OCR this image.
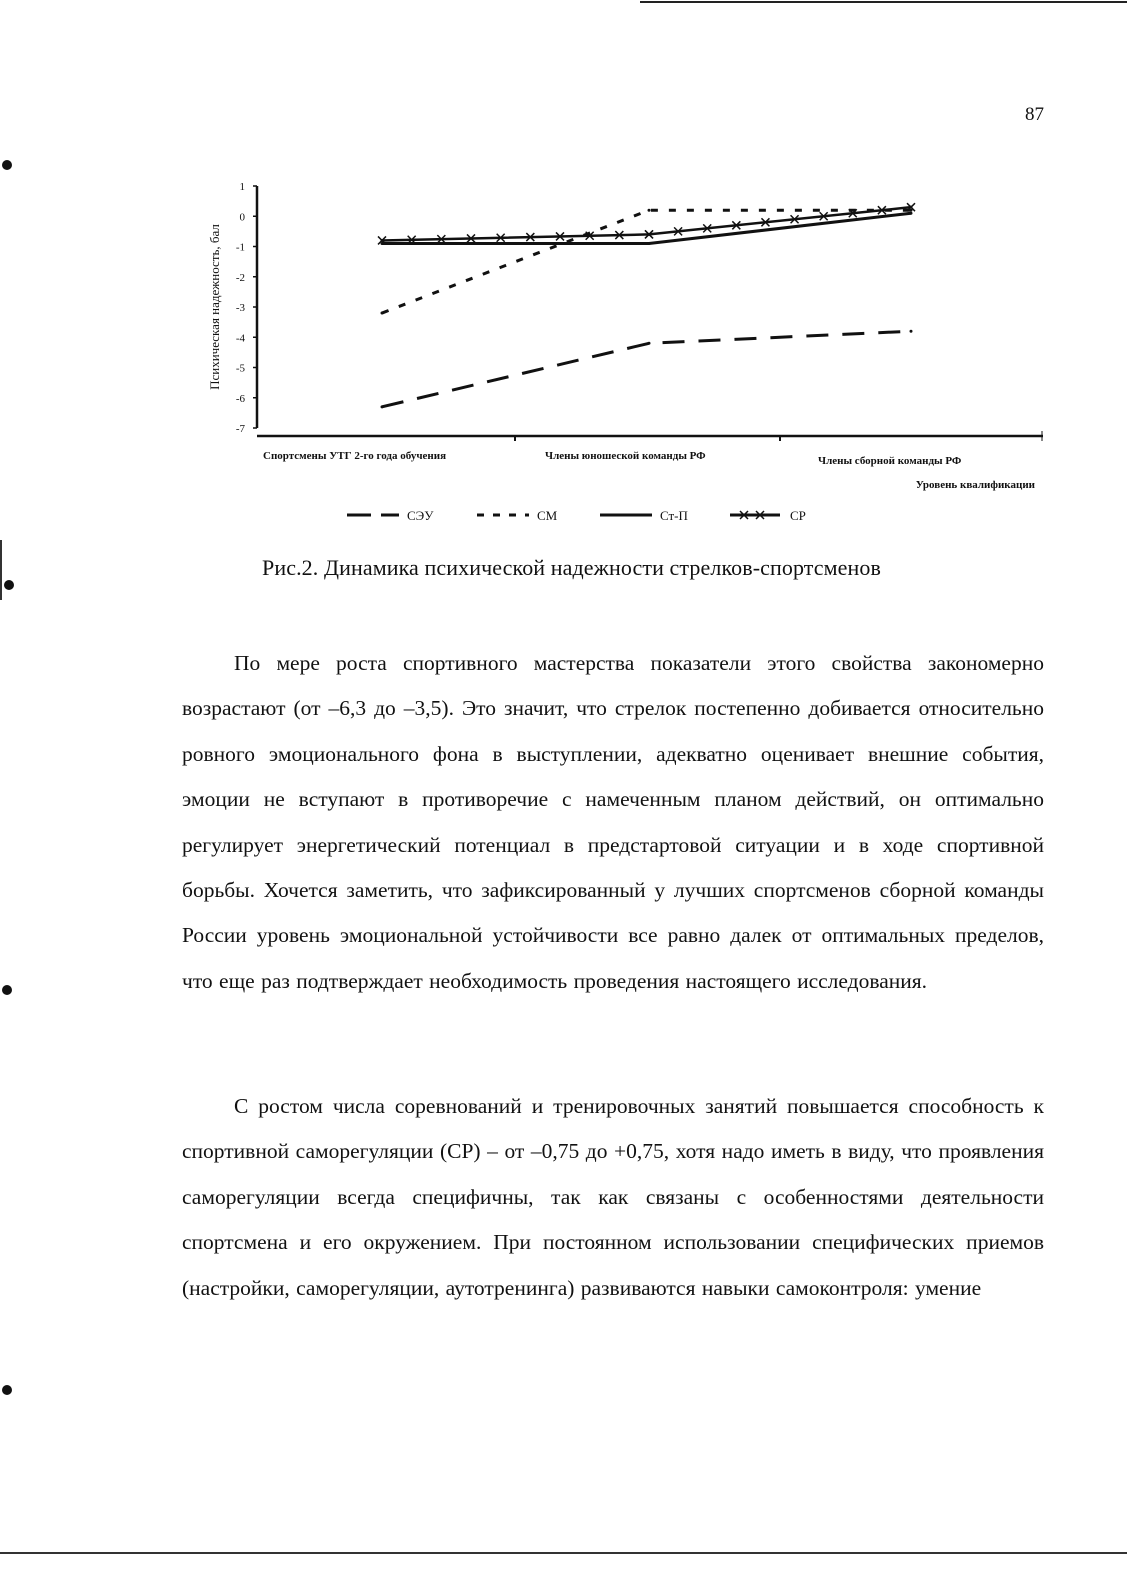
87
1
0
-1
-2
-3
-4
-5
-6
-7
Психическая надежность, бал
Спортсмены УТГ 2-го года обучения	Члены юношеской команды РФ	Члены сборной команды РФ
Уровень квалификации
СЭУ	СМ	Ст-П	СР
Рис.2. Динамика психической надежности стрелков-спортсменов

По мере роста спортивного мастерства показатели этого свойства закономерно возрастают (от –6,3 до –3,5). Это значит, что стрелок постепенно добивается относительно ровного эмоционального фона в выступлении, адекватно оценивает внешние события, эмоции не вступают в противоречие с намеченным планом действий, он оптимально регулирует энергетический потенциал в предстартовой ситуации и в ходе спортивной борьбы. Хочется заметить, что зафиксированный у лучших спортсменов сборной команды России уровень эмоциональной устойчивости все равно далек от оптимальных пределов, что еще раз подтверждает необходимость проведения настоящего исследования.

С ростом числа соревнований и тренировочных занятий повышается способность к спортивной саморегуляции (СР) – от –0,75 до +0,75, хотя надо иметь в виду, что проявления саморегуляции всегда специфичны, так как связаны с особенностями деятельности спортсмена и его окружением. При постоянном использовании специфических приемов (настройки, саморегуляции, аутотренинга) развиваются навыки самоконтроля: умение
